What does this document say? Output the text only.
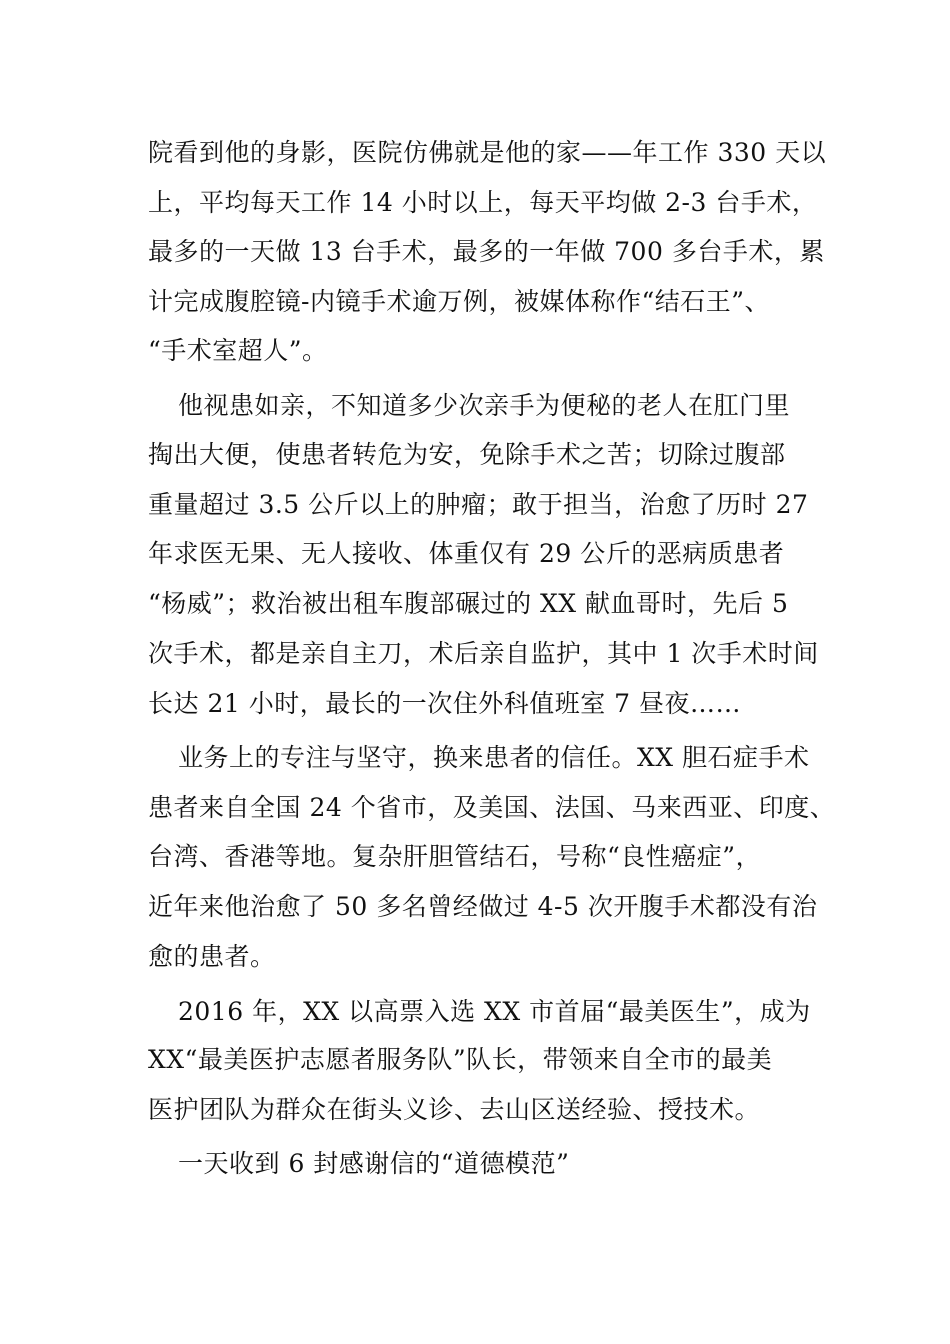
院看到他的身影，医院仿佛就是他的家——年工作 330 天以
上，平均每天工作 14 小时以上，每天平均做 2-3 台手术，
最多的一天做 13 台手术，最多的一年做 700 多台手术，累
计完成腹腔镜-内镜手术逾万例，被媒体称作“结石王”、
“手术室超人”。
他视患如亲，不知道多少次亲手为便秘的老人在肛门里
掏出大便，使患者转危为安，免除手术之苦；切除过腹部
重量超过 3.5 公斤以上的肿瘤；敢于担当，治愈了历时 27
年求医无果、无人接收、体重仅有 29 公斤的恶病质患者
“杨威”；救治被出租车腹部碾过的 XX 献血哥时，先后 5
次手术，都是亲自主刀，术后亲自监护，其中 1 次手术时间
长达 21 小时，最长的一次住外科值班室 7 昼夜……
业务上的专注与坚守，换来患者的信任。XX 胆石症手术
患者来自全国 24 个省市，及美国、法国、马来西亚、印度、
台湾、香港等地。复杂肝胆管结石，号称“良性癌症”，
近年来他治愈了 50 多名曾经做过 4-5 次开腹手术都没有治
愈的患者。
2016 年，XX 以高票入选 XX 市首届“最美医生”，成为
XX“最美医护志愿者服务队”队长，带领来自全市的最美
医护团队为群众在街头义诊、去山区送经验、授技术。
一天收到 6 封感谢信的“道德模范”
